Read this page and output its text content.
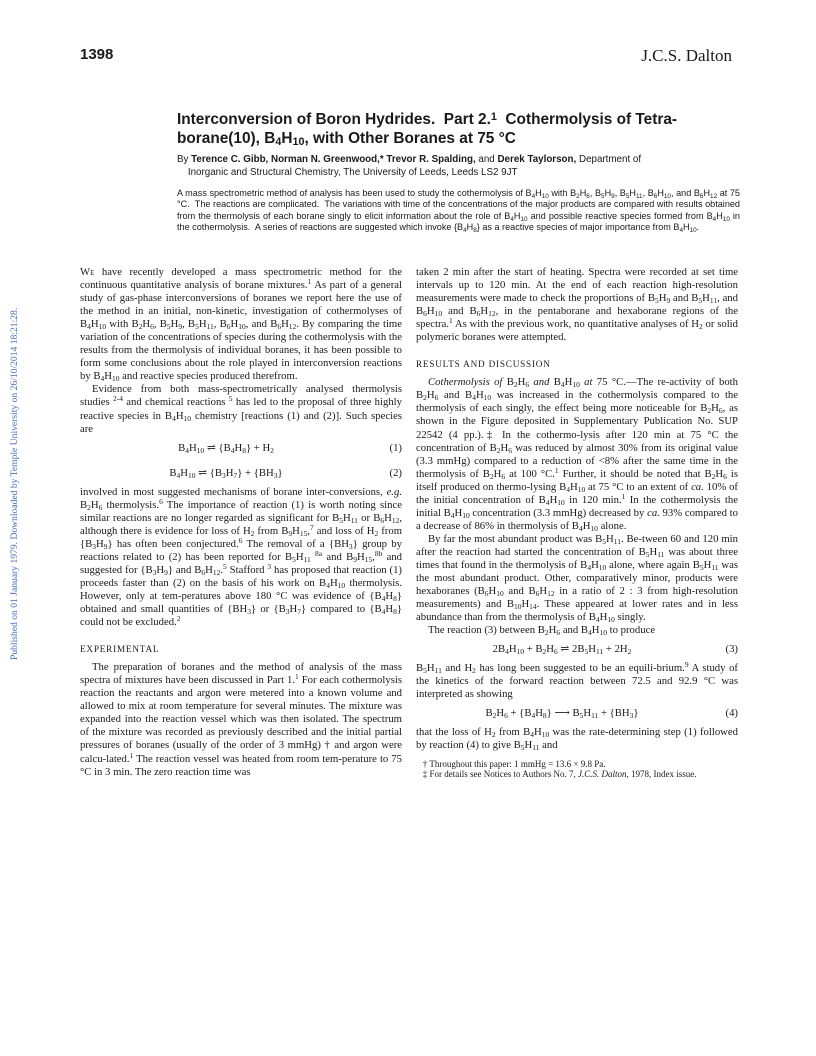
1398	J.C.S. Dalton
Interconversion of Boron Hydrides.  Part 2.$^1$  Cothermolysis of Tetra-
borane(10), $B_4H_{10}$, with Other Boranes at 75 °C
By Terence C. Gibb, Norman N. Greenwood,* Trevor R. Spalding, and Derek Taylorson, Department of
Inorganic and Structural Chemistry, The University of Leeds, Leeds LS2 9JT
A mass spectrometric method of analysis has been used to study the cothermolysis of $B_4H_{10}$ with $B_2H_6$, $B_5H_9$, $B_5H_{11}$, $B_6H_{10}$, and $B_6H_{12}$ at 75 °C.  The reactions are complicated.  The variations with time of the concentrations of the major products are compared with results obtained from the thermolysis of each borane singly to elicit information about the role of $B_4H_{10}$ and possible reactive species formed from $B_4H_{10}$ in the cothermolysis.  A series of reactions are suggested which invoke $\{B_4H_8\}$ as a reactive species of major importance from $B_4H_{10}$.
Published on 01 January 1979. Downloaded by Temple University on 26/10/2014 18:21:28.

We have recently developed a mass spectrometric method for the continuous quantitative analysis of borane mixtures.$^1$ As part of a general study of gas-phase interconversions of boranes we report here the use of the method in an initial, non-kinetic, investigation of cothermolyses of $B_4H_{10}$ with $B_2H_6$, $B_5H_9$, $B_5H_{11}$, $B_6H_{10}$, and $B_6H_{12}$. By comparing the time variation of the concentrations of species during the cothermolysis with the results from the thermolysis of individual boranes, it has been possible to form some conclusions about the role played in interconversion reactions by $B_4H_{10}$ and reactive species produced therefrom.

Evidence from both mass-spectrometrically analysed thermolysis studies $^{2-4}$ and chemical reactions $^5$ has led to the proposal of three highly reactive species in $B_4H_{10}$ chemistry [reactions (1) and (2)]. Such species are

$B_4H_{10}$ ⇌ $\{B_4H_8\} + H_2$	(1)
$B_4H_{10}$ ⇌ $\{B_3H_7\} + \{BH_3\}$	(2)

involved in most suggested mechanisms of borane inter-conversions, e.g. $B_2H_6$ thermolysis.$^6$ The importance of reaction (1) is worth noting since similar reactions are no longer regarded as significant for $B_5H_{11}$ or $B_6H_{12}$, although there is evidence for loss of $H_2$ from $B_9H_{15},^7$ and loss of $H_2$ from $\{B_3H_9\}$ has often been conjectured.$^6$ The removal of a $\{BH_3\}$ group by reactions related to (2) has been reported for $B_5H_{11}$ $^{8a}$ and $B_9H_{15},^{8b}$ and suggested for $\{B_3H_9\}$ and $B_6H_{12}.^5$ Stafford $^3$ has proposed that reaction (1) proceeds faster than (2) on the basis of his work on $B_4H_{10}$ thermolysis. However, only at tem-peratures above 180 °C was evidence of $\{B_4H_8\}$ obtained and small quantities of $\{BH_3\}$ or $\{B_3H_7\}$ compared to $\{B_4H_8\}$ could not be excluded.$^2$

EXPERIMENTAL

The preparation of boranes and the method of analysis of the mass spectra of mixtures have been discussed in Part 1.$^1$ For each cothermolysis reaction the reactants and argon were metered into a known volume and allowed to mix at room temperature for several minutes. The mixture was expanded into the reaction vessel which was then isolated. The spectrum of the mixture was recorded as previously described and the initial partial pressures of boranes (usually of the order of 3 mmHg) † and argon were calcu-lated.$^1$ The reaction vessel was heated from room tem-perature to 75 °C in 3 min. The zero reaction time was

taken 2 min after the start of heating. Spectra were recorded at set time intervals up to 120 min. At the end of each reaction high-resolution measurements were made to check the proportions of $B_5H_9$ and $B_5H_{11}$, and $B_6H_{10}$ and $B_6H_{12}$, in the pentaborane and hexaborane regions of the spectra.$^1$ As with the previous work, no quantitative analyses of $H_2$ or solid polymeric boranes were attempted.

RESULTS AND DISCUSSION

Cothermolysis of $B_2H_6$ and $B_4H_{10}$ at 75 °C.—The re-activity of both $B_2H_6$ and $B_4H_{10}$ was increased in the cothermolysis compared to the thermolysis of each singly, the effect being more noticeable for $B_2H_6$, as shown in the Figure deposited in Supplementary Publication No. SUP 22542 (4 pp.).‡ In the cothermo-lysis after 120 min at 75 °C the concentration of $B_2H_6$ was reduced by almost 30% from its original value (3.3 mmHg) compared to a reduction of <8% after the same time in the thermolysis of $B_2H_6$ at 100 °C.$^1$ Further, it should be noted that $B_2H_6$ is itself produced on thermo-lysing $B_4H_{10}$ at 75 °C to an extent of ca. 10% of the initial concentration of $B_4H_{10}$ in 120 min.$^1$ In the cothermolysis the initial $B_4H_{10}$ concentration (3.3 mmHg) decreased by ca. 93% compared to a decrease of 86% in thermolysis of $B_4H_{10}$ alone.

By far the most abundant product was $B_5H_{11}$. Be-tween 60 and 120 min after the reaction had started the concentration of $B_5H_{11}$ was about three times that found in the thermolysis of $B_4H_{10}$ alone, where again $B_5H_{11}$ was the most abundant product. Other, comparatively minor, products were hexaboranes ($B_6H_{10}$ and $B_6H_{12}$ in a ratio of 2 : 3 from high-resolution measurements) and $B_{10}H_{14}$. These appeared at lower rates and in less abundance than from the thermolysis of $B_4H_{10}$ singly.

The reaction (3) between $B_2H_6$ and $B_4H_{10}$ to produce

$2B_4H_{10} + B_2H_6$ ⇌ $2B_5H_{11} + 2H_2$	(3)

$B_5H_{11}$ and $H_2$ has long been suggested to be an equili-brium.$^9$ A study of the kinetics of the forward reaction between 72.5 and 92.9 °C was interpreted as showing

$B_2H_6 + \{B_4H_8\}$ ⟶ $B_5H_{11} + \{BH_3\}$	(4)

that the loss of $H_2$ from $B_4H_{10}$ was the rate-determining step (1) followed by reaction (4) to give $B_5H_{11}$ and

† Throughout this paper: 1 mmHg = 13.6 × 9.8 Pa.
‡ For details see Notices to Authors No. 7, J.C.S. Dalton, 1978, Index issue.
